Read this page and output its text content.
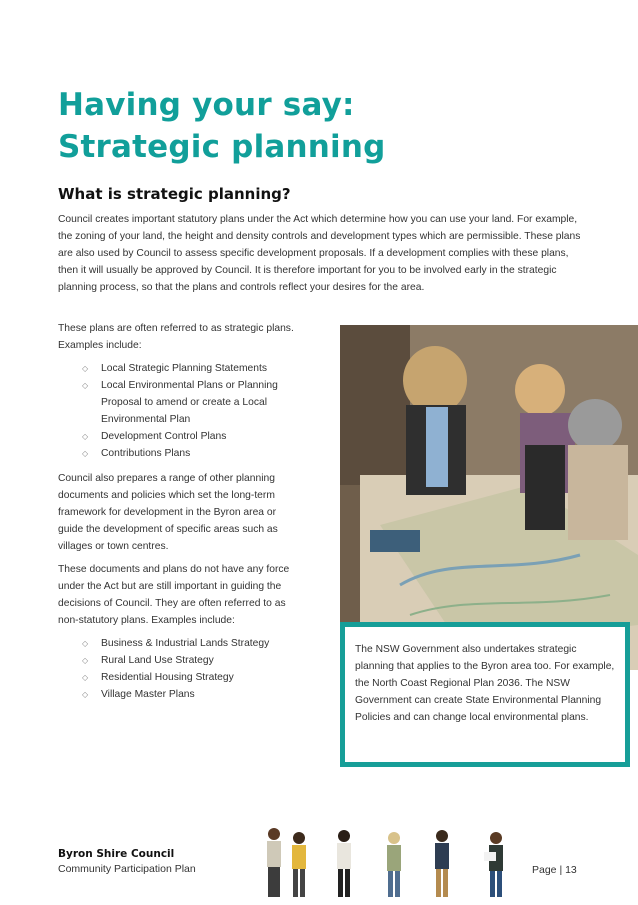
Having your say:
Strategic planning
What is strategic planning?

Council creates important statutory plans under the Act which determine how you can use your land. For example, the zoning of your land, the height and density controls and development types which are permissible. These plans are also used by Council to assess specific development proposals. If a development complies with these plans, then it will usually be approved by Council. It is therefore important for you to be involved early in the strategic planning process, so that the plans and controls reflect your desires for the area.

These plans are often referred to as strategic plans. Examples include:

◇ Local Strategic Planning Statements
◇ Local Environmental Plans or Planning Proposal to amend or create a Local Environmental Plan
◇ Development Control Plans
◇ Contributions Plans

Council also prepares a range of other planning documents and policies which set the long-term framework for development in the Byron area or guide the development of specific areas such as villages or town centres.

These documents and plans do not have any force under the Act but are still important in guiding the decisions of Council. They are often referred to as non-statutory plans. Examples include:

◇ Business & Industrial Lands Strategy
◇ Rural Land Use Strategy
◇ Residential Housing Strategy
◇ Village Master Plans

The NSW Government also undertakes strategic planning that applies to the Byron area too. For example, the North Coast Regional Plan 2036. The NSW Government can create State Environmental Planning Policies and can change local environmental plans.

Byron Shire Council

Community Participation Plan	Page | 13
